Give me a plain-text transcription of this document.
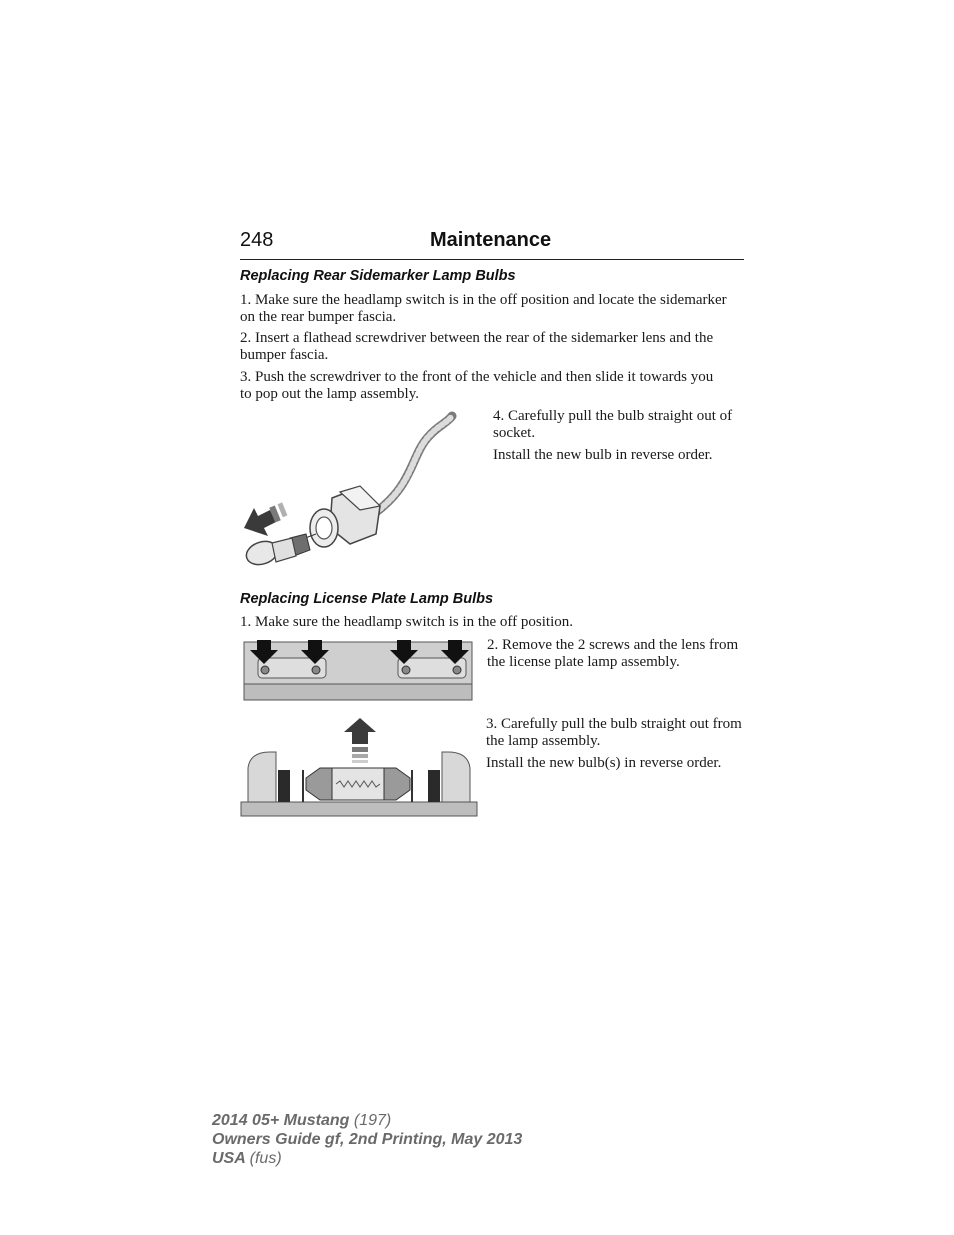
248	Maintenance
Replacing Rear Sidemarker Lamp Bulbs
1. Make sure the headlamp switch is in the off position and locate the sidemarker on the rear bumper fascia.
2. Insert a flathead screwdriver between the rear of the sidemarker lens and the bumper fascia.
3. Push the screwdriver to the front of the vehicle and then slide it towards you to pop out the lamp assembly.
4. Carefully pull the bulb straight out of socket.
Install the new bulb in reverse order.
Replacing License Plate Lamp Bulbs
1. Make sure the headlamp switch is in the off position.
2. Remove the 2 screws and the lens from the license plate lamp assembly.
3. Carefully pull the bulb straight out from the lamp assembly.
Install the new bulb(s) in reverse order.
2014 05+ Mustang (197)
Owners Guide gf, 2nd Printing, May 2013
USA (fus)
